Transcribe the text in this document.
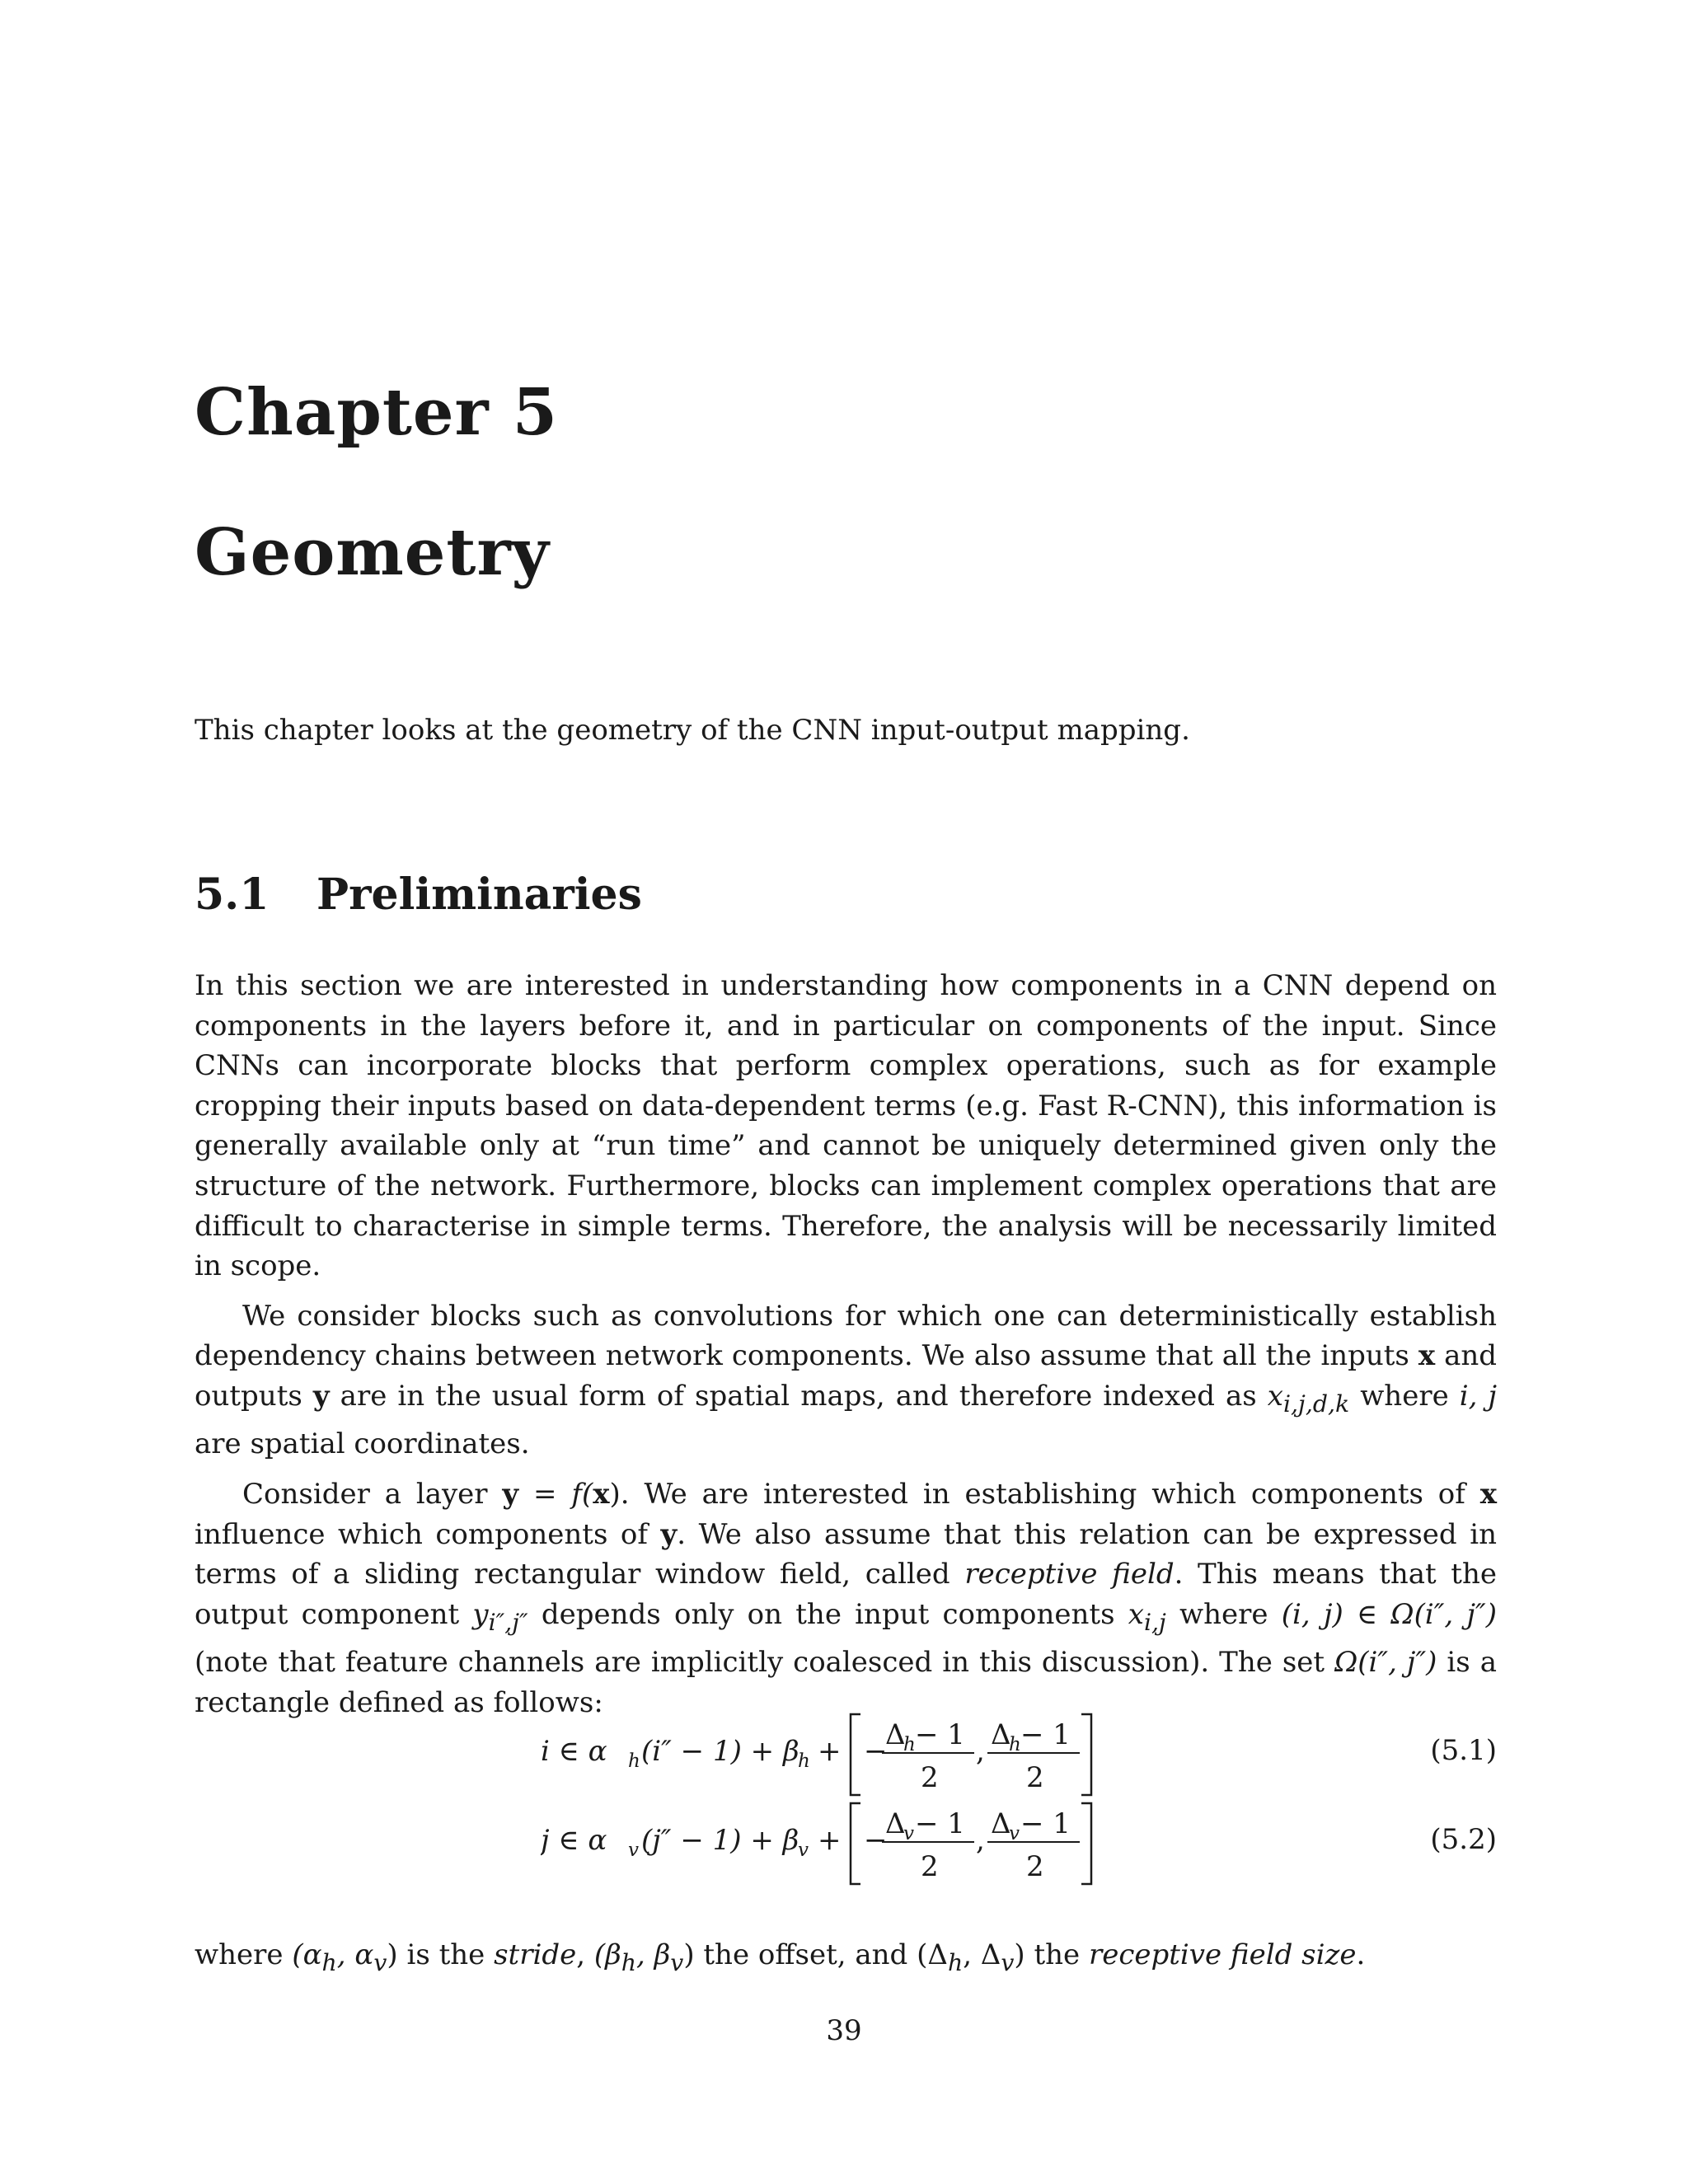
Chapter 5
Geometry

This chapter looks at the geometry of the CNN input-output mapping.

5.1 Preliminaries

In this section we are interested in understanding how components in a CNN depend on components in the layers before it, and in particular on components of the input. Since CNNs can incorporate blocks that perform complex operations, such as for example cropping their inputs based on data-dependent terms (e.g. Fast R-CNN), this information is generally available only at “run time” and cannot be uniquely determined given only the structure of the network. Furthermore, blocks can implement complex operations that are difficult to characterise in simple terms. Therefore, the analysis will be necessarily limited in scope.

We consider blocks such as convolutions for which one can deterministically establish dependency chains between network components. We also assume that all the inputs x and outputs y are in the usual form of spatial maps, and therefore indexed as $x_{i,j,d,k}$ where i, j are spatial coordinates.

Consider a layer y = f(x). We are interested in establishing which components of x influence which components of y. We also assume that this relation can be expressed in terms of a sliding rectangular window field, called receptive field. This means that the output component $y_{i'',j''}$ depends only on the input components $x_{i,j}$ where (i, j) ∈ Ω(i″, j″) (note that feature channels are implicitly coalesced in this discussion). The set Ω(i″, j″) is a rectangle defined as follows:

i ∈ α h (i″ − 1) + β
h + −
Δ
h − 1
2
, Δ
h − 1
2
(5.1)
j ∈ α v (j″ − 1) + β
v + −
Δ
v − 1
2
, Δ
v − 1
2
(5.2)

where ($\alpha_h$, $\alpha_v$) is the stride, ($\beta_h$, $\beta_v$) the offset, and ($\Delta_h$, $\Delta_v$) the receptive field size.

39
